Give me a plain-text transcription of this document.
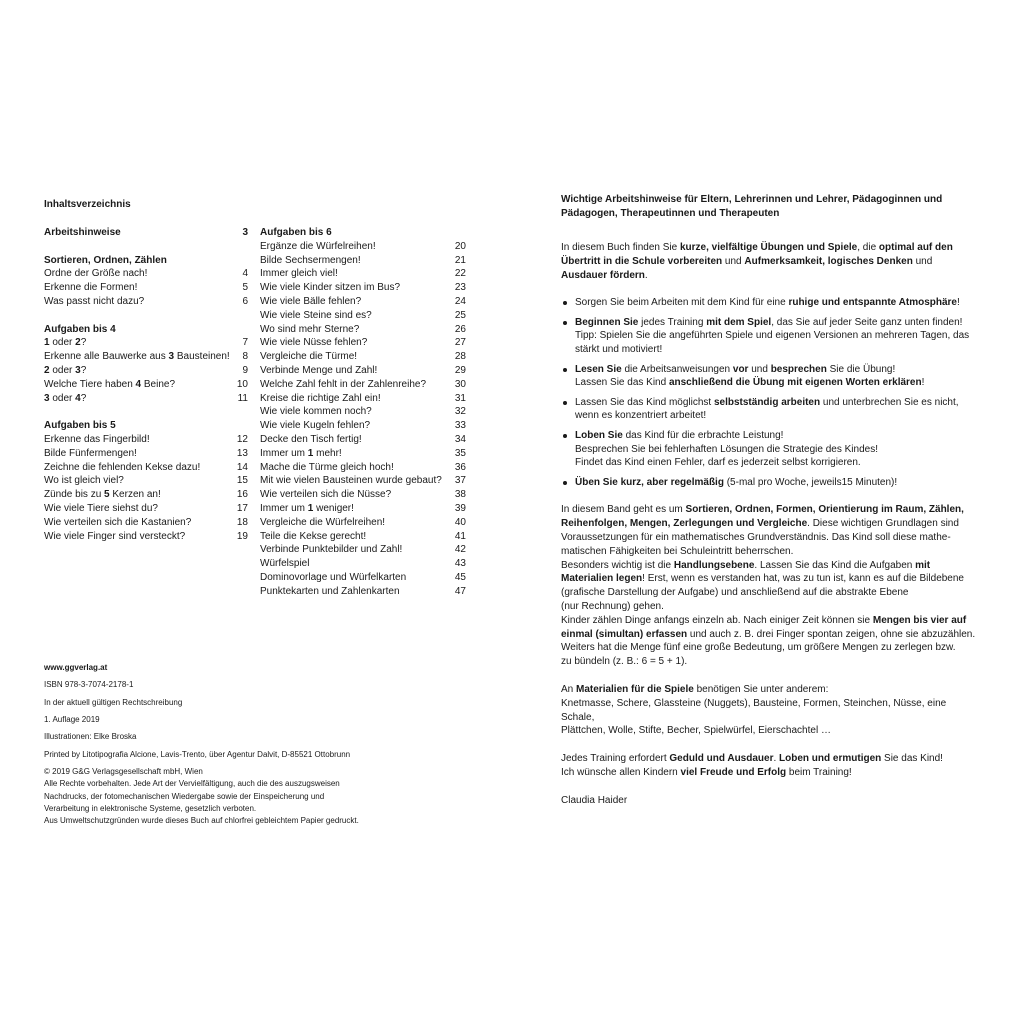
Inhaltsverzeichnis
Arbeitshinweise	3
Sortieren, Ordnen, Zählen
Ordne der Größe nach!	4
Erkenne die Formen!	5
Was passt nicht dazu?	6
Aufgaben bis 4
1 oder 2?	7
Erkenne alle Bauwerke aus 3 Bausteinen!	8
2 oder 3?	9
Welche Tiere haben 4 Beine?	10
3 oder 4?	11
Aufgaben bis 5
Erkenne das Fingerbild!	12
Bilde Fünfermengen!	13
Zeichne die fehlenden Kekse dazu!	14
Wo ist gleich viel?	15
Zünde bis zu 5 Kerzen an!	16
Wie viele Tiere siehst du?	17
Wie verteilen sich die Kastanien?	18
Wie viele Finger sind versteckt?	19
Aufgaben bis 6
Ergänze die Würfelreihen!	20
Bilde Sechsermengen!	21
Immer gleich viel!	22
Wie viele Kinder sitzen im Bus?	23
Wie viele Bälle fehlen?	24
Wie viele Steine sind es?	25
Wo sind mehr Sterne?	26
Wie viele Nüsse fehlen?	27
Vergleiche die Türme!	28
Verbinde Menge und Zahl!	29
Welche Zahl fehlt in der Zahlenreihe?	30
Kreise die richtige Zahl ein!	31
Wie viele kommen noch?	32
Wie viele Kugeln fehlen?	33
Decke den Tisch fertig!	34
Immer um 1 mehr!	35
Mache die Türme gleich hoch!	36
Mit wie vielen Bausteinen wurde gebaut?	37
Wie verteilen sich die Nüsse?	38
Immer um 1 weniger!	39
Vergleiche die Würfelreihen!	40
Teile die Kekse gerecht!	41
Verbinde Punktebilder und Zahl!	42
Würfelspiel	43
Dominovorlage und Würfelkarten	45
Punktekarten und Zahlenkarten	47
www.ggverlag.at
ISBN 978-3-7074-2178-1
In der aktuell gültigen Rechtschreibung
1. Auflage 2019
Illustrationen: Elke Broska
Printed by Litotipografia Alcione, Lavis-Trento, über Agentur Dalvit, D-85521 Ottobrunn
© 2019 G&G Verlagsgesellschaft mbH, Wien
Alle Rechte vorbehalten. Jede Art der Vervielfältigung, auch die des auszugsweisen
Nachdrucks, der fotomechanischen Wiedergabe sowie der Einspeicherung und
Verarbeitung in elektronische Systeme, gesetzlich verboten.
Aus Umweltschutzgründen wurde dieses Buch auf chlorfrei gebleichtem Papier gedruckt.
Wichtige Arbeitshinweise für Eltern, Lehrerinnen und Lehrer, Pädagoginnen und Pädagogen, Therapeutinnen und Therapeuten

In diesem Buch finden Sie kurze, vielfältige Übungen und Spiele, die optimal auf den Übertritt in die Schule vorbereiten und Aufmerksamkeit, logisches Denken und Ausdauer fördern.

Sorgen Sie beim Arbeiten mit dem Kind für eine ruhige und entspannte Atmosphäre!
Beginnen Sie jedes Training mit dem Spiel, das Sie auf jeder Seite ganz unten finden!
Tipp: Spielen Sie die angeführten Spiele und eigenen Versionen an mehreren Tagen, das stärkt und motiviert!
Lesen Sie die Arbeitsanweisungen vor und besprechen Sie die Übung!
Lassen Sie das Kind anschließend die Übung mit eigenen Worten erklären!
Lassen Sie das Kind möglichst selbstständig arbeiten und unterbrechen Sie es nicht, wenn es konzentriert arbeitet!
Loben Sie das Kind für die erbrachte Leistung!
Besprechen Sie bei fehlerhaften Lösungen die Strategie des Kindes!
Findet das Kind einen Fehler, darf es jederzeit selbst korrigieren.
Üben Sie kurz, aber regelmäßig (5-mal pro Woche, jeweils15 Minuten)!

In diesem Band geht es um Sortieren, Ordnen, Formen, Orientierung im Raum, Zählen, Reihenfolgen, Mengen, Zerlegungen und Vergleiche. Diese wichtigen Grundlagen sind Voraussetzungen für ein mathematisches Grundverständnis. Das Kind soll diese mathe-
matischen Fähigkeiten bei Schuleintritt beherrschen.
Besonders wichtig ist die Handlungsebene. Lassen Sie das Kind die Aufgaben mit Materialien legen! Erst, wenn es verstanden hat, was zu tun ist, kann es auf die Bildebene (grafische Darstellung der Aufgabe) und anschließend auf die abstrakte Ebene
(nur Rechnung) gehen.
Kinder zählen Dinge anfangs einzeln ab. Nach einiger Zeit können sie Mengen bis vier auf einmal (simultan) erfassen und auch z. B. drei Finger spontan zeigen, ohne sie abzuzählen.
Weiters hat die Menge fünf eine große Bedeutung, um größere Mengen zu zerlegen bzw.
zu bündeln (z. B.: 6 = 5 + 1).

An Materialien für die Spiele benötigen Sie unter anderem:
Knetmasse, Schere, Glassteine (Nuggets), Bausteine, Formen, Steinchen, Nüsse, eine Schale,
Plättchen, Wolle, Stifte, Becher, Spielwürfel, Eierschachtel …

Jedes Training erfordert Geduld und Ausdauer. Loben und ermutigen Sie das Kind!
Ich wünsche allen Kindern viel Freude und Erfolg beim Training!

Claudia Haider
